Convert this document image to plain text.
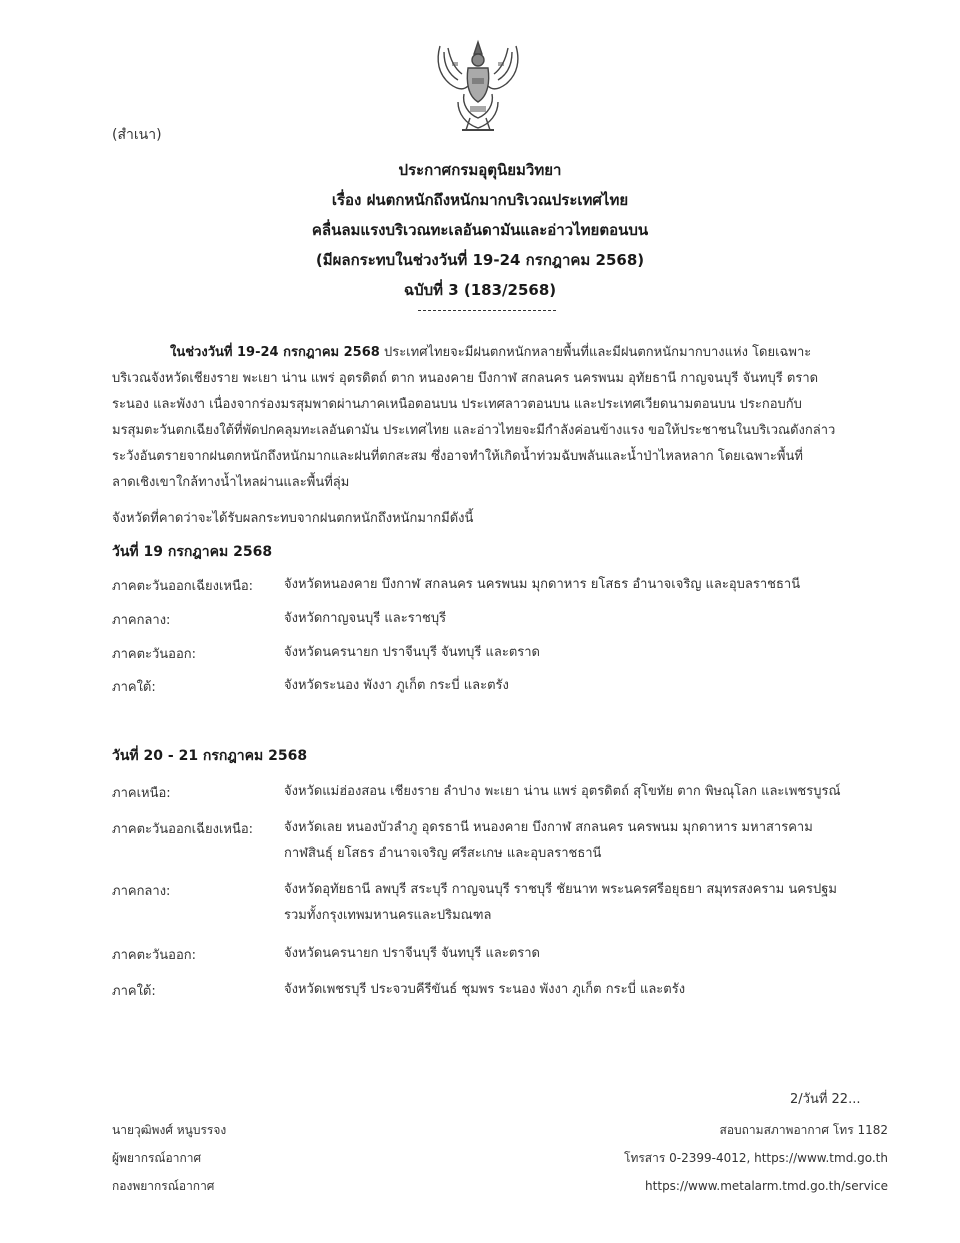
(สำเนา)
ประกาศกรมอุตุนิยมวิทยา
เรื่อง ฝนตกหนักถึงหนักมากบริเวณประเทศไทย
คลื่นลมแรงบริเวณทะเลอันดามันและอ่าวไทยตอนบน
(มีผลกระทบในช่วงวันที่ 19-24 กรกฎาคม 2568)
ฉบับที่ 3 (183/2568)
ในช่วงวันที่ 19-24 กรกฎาคม 2568 ประเทศไทยจะมีฝนตกหนักหลายพื้นที่และมีฝนตกหนักมากบางแห่ง โดยเฉพาะ
บริเวณจังหวัดเชียงราย พะเยา น่าน แพร่ อุตรดิตถ์ ตาก หนองคาย บึงกาฬ สกลนคร นครพนม อุทัยธานี กาญจนบุรี จันทบุรี ตราด
ระนอง และพังงา เนื่องจากร่องมรสุมพาดผ่านภาคเหนือตอนบน ประเทศลาวตอนบน และประเทศเวียดนามตอนบน ประกอบกับ
มรสุมตะวันตกเฉียงใต้ที่พัดปกคลุมทะเลอันดามัน ประเทศไทย และอ่าวไทยจะมีกำลังค่อนข้างแรง ขอให้ประชาชนในบริเวณดังกล่าว
ระวังอันตรายจากฝนตกหนักถึงหนักมากและฝนที่ตกสะสม ซึ่งอาจทำให้เกิดน้ำท่วมฉับพลันและน้ำป่าไหลหลาก โดยเฉพาะพื้นที่
ลาดเชิงเขาใกล้ทางน้ำไหลผ่านและพื้นที่ลุ่ม
จังหวัดที่คาดว่าจะได้รับผลกระทบจากฝนตกหนักถึงหนักมากมีดังนี้
วันที่ 19 กรกฎาคม 2568
ภาคตะวันออกเฉียงเหนือ:	จังหวัดหนองคาย บึงกาฬ สกลนคร นครพนม มุกดาหาร ยโสธร อำนาจเจริญ และอุบลราชธานี
ภาคกลาง:	จังหวัดกาญจนบุรี และราชบุรี
ภาคตะวันออก:	จังหวัดนครนายก ปราจีนบุรี จันทบุรี และตราด
ภาคใต้:	จังหวัดระนอง พังงา ภูเก็ต กระบี่ และตรัง
วันที่ 20 - 21 กรกฎาคม 2568
ภาคเหนือ:	จังหวัดแม่ฮ่องสอน เชียงราย ลำปาง พะเยา น่าน แพร่ อุตรดิตถ์ สุโขทัย ตาก พิษณุโลก และเพชรบูรณ์
ภาคตะวันออกเฉียงเหนือ:	จังหวัดเลย หนองบัวลำภู อุดรธานี หนองคาย บึงกาฬ สกลนคร นครพนม มุกดาหาร มหาสารคาม
กาฬสินธุ์ ยโสธร อำนาจเจริญ ศรีสะเกษ และอุบลราชธานี
ภาคกลาง:	จังหวัดอุทัยธานี ลพบุรี สระบุรี กาญจนบุรี ราชบุรี ชัยนาท พระนครศรีอยุธยา สมุทรสงคราม นครปฐม
รวมทั้งกรุงเทพมหานครและปริมณฑล
ภาคตะวันออก:	จังหวัดนครนายก ปราจีนบุรี จันทบุรี และตราด
ภาคใต้:	จังหวัดเพชรบุรี ประจวบคีรีขันธ์ ชุมพร ระนอง พังงา ภูเก็ต กระบี่ และตรัง
2/วันที่ 22...
นายวุฒิพงศ์ หนูบรรจง
ผู้พยากรณ์อากาศ
กองพยากรณ์อากาศ
สอบถามสภาพอากาศ โทร 1182
โทรสาร 0-2399-4012, https://www.tmd.go.th
https://www.metalarm.tmd.go.th/service
